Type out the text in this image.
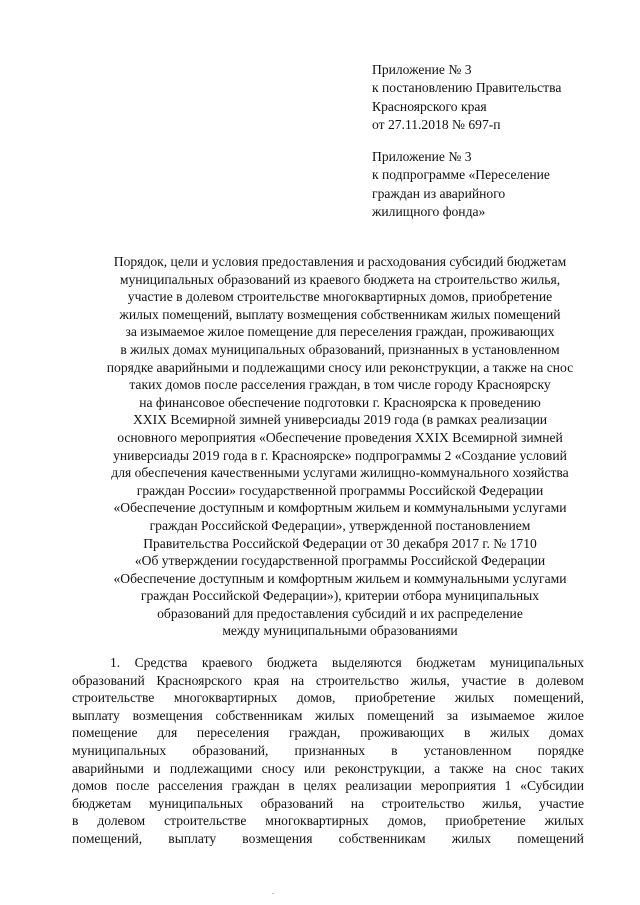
Приложение № 3
к постановлению Правительства
Красноярского края
от 27.11.2018 № 697-п
Приложение № 3
к подпрограмме «Переселение
граждан из аварийного
жилищного фонда»
Порядок, цели и условия предоставления и расходования субсидий бюджетам
муниципальных образований из краевого бюджета на строительство жилья,
участие в долевом строительстве многоквартирных домов, приобретение
жилых помещений, выплату возмещения собственникам жилых помещений
за изымаемое жилое помещение для переселения граждан, проживающих
в жилых домах муниципальных образований, признанных в установленном
порядке аварийными и подлежащими сносу или реконструкции, а также на снос
таких домов после расселения граждан, в том числе городу Красноярску
на финансовое обеспечение подготовки г. Красноярска к проведению
XXIX Всемирной зимней универсиады 2019 года (в рамках реализации
основного мероприятия «Обеспечение проведения XXIX Всемирной зимней
универсиады 2019 года в г. Красноярске» подпрограммы 2 «Создание условий
для обеспечения качественными услугами жилищно-коммунального хозяйства
граждан России» государственной программы Российской Федерации
«Обеспечение доступным и комфортным жильем и коммунальными услугами
граждан Российской Федерации», утвержденной постановлением
Правительства Российской Федерации от 30 декабря 2017 г. № 1710
«Об утверждении государственной программы Российской Федерации
«Обеспечение доступным и комфортным жильем и коммунальными услугами
граждан Российской Федерации»), критерии отбора муниципальных
образований для предоставления субсидий и их распределение
между муниципальными образованиями
1. Средства краевого бюджета выделяются бюджетам муниципальных
образований Красноярского края на строительство жилья, участие в долевом
строительстве многоквартирных домов, приобретение жилых помещений,
выплату возмещения собственникам жилых помещений за изымаемое жилое
помещение для переселения граждан, проживающих в жилых домах
муниципальных образований, признанных в установленном порядке
аварийными и подлежащими сносу или реконструкции, а также на снос таких
домов после расселения граждан в целях реализации мероприятия 1 «Субсидии
бюджетам муниципальных образований на строительство жилья, участие
в долевом строительстве многоквартирных домов, приобретение жилых
помещений, выплату возмещения собственникам жилых помещений
